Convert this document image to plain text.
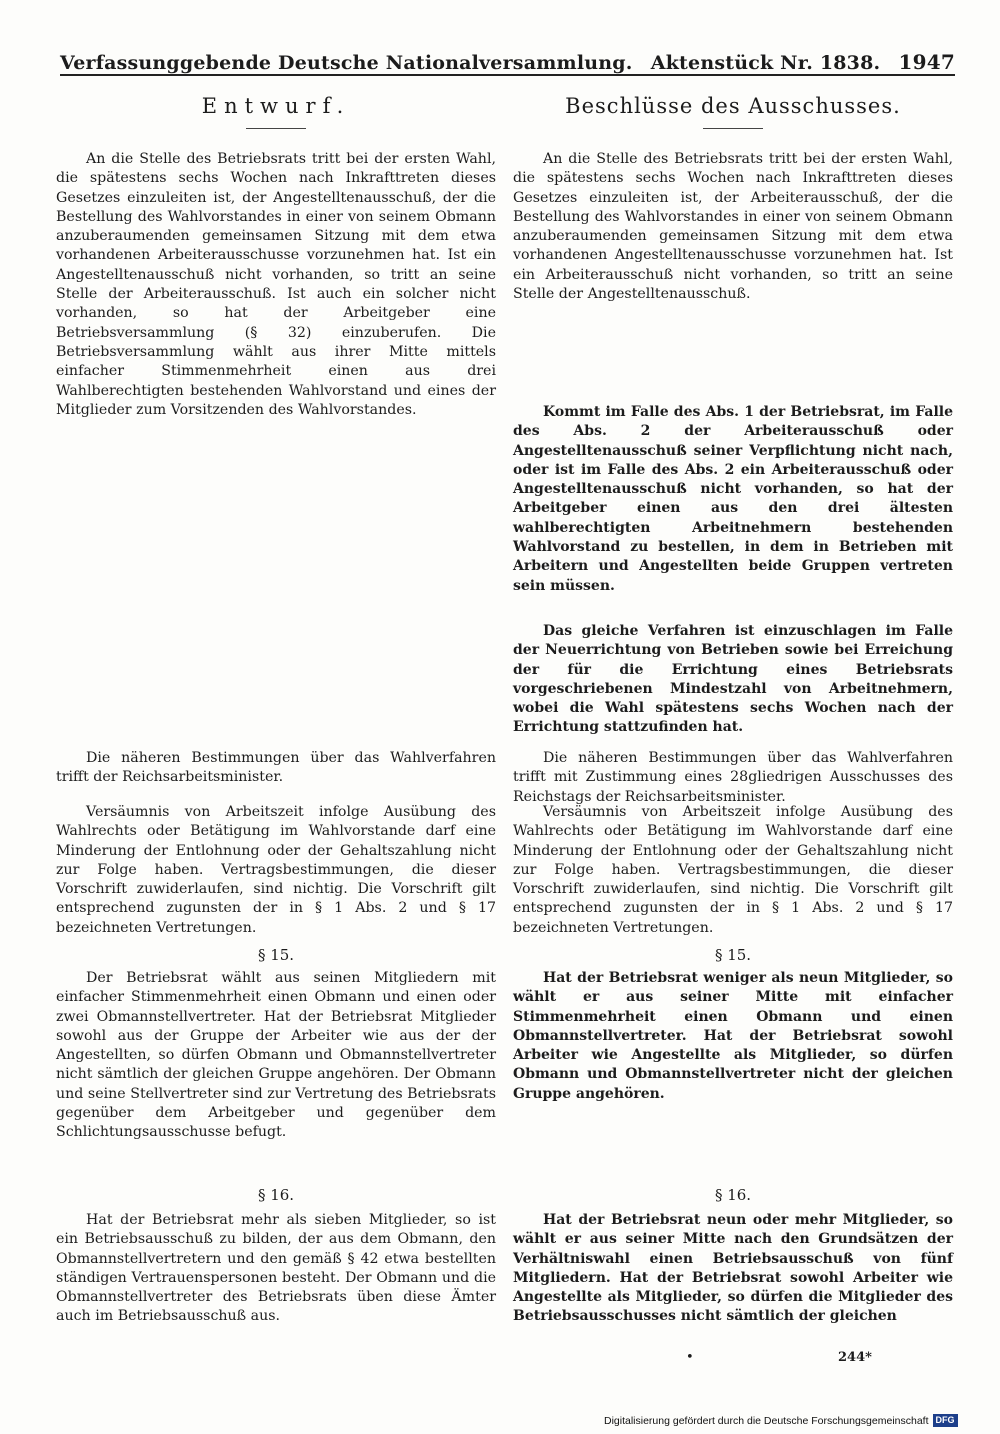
Verfassunggebende Deutsche Nationalversammlung. Aktenstück Nr. 1838. 1947
Entwurf.
An die Stelle des Betriebsrats tritt bei der ersten Wahl, die spätestens sechs Wochen nach Inkrafttreten dieses Gesetzes einzuleiten ist, der Angestelltenausschuß, der die Bestellung des Wahlvorstandes in einer von seinem Obmann anzuberaumenden gemeinsamen Sitzung mit dem etwa vorhandenen Arbeiterausschusse vorzunehmen hat. Ist ein Angestelltenausschuß nicht vorhanden, so tritt an seine Stelle der Arbeiterausschuß. Ist auch ein solcher nicht vorhanden, so hat der Arbeitgeber eine Betriebsversammlung (§ 32) einzuberufen. Die Betriebsversammlung wählt aus ihrer Mitte mittels einfacher Stimmenmehrheit einen aus drei Wahlberechtigten bestehenden Wahlvorstand und eines der Mitglieder zum Vorsitzenden des Wahlvorstandes.
Die näheren Bestimmungen über das Wahlverfahren trifft der Reichsarbeitsminister.
Versäumnis von Arbeitszeit infolge Ausübung des Wahlrechts oder Betätigung im Wahlvorstande darf eine Minderung der Entlohnung oder der Gehaltszahlung nicht zur Folge haben. Vertragsbestimmungen, die dieser Vorschrift zuwiderlaufen, sind nichtig. Die Vorschrift gilt entsprechend zugunsten der in § 1 Abs. 2 und § 17 bezeichneten Vertretungen.
§ 15.
Der Betriebsrat wählt aus seinen Mitgliedern mit einfacher Stimmenmehrheit einen Obmann und einen oder zwei Obmannstellvertreter. Hat der Betriebsrat Mitglieder sowohl aus der Gruppe der Arbeiter wie aus der der Angestellten, so dürfen Obmann und Obmannstellvertreter nicht sämtlich der gleichen Gruppe angehören. Der Obmann und seine Stellvertreter sind zur Vertretung des Betriebsrats gegenüber dem Arbeitgeber und gegenüber dem Schlichtungsausschusse befugt.
§ 16.
Hat der Betriebsrat mehr als sieben Mitglieder, so ist ein Betriebsausschuß zu bilden, der aus dem Obmann, den Obmannstellvertretern und den gemäß § 42 etwa bestellten ständigen Vertrauenspersonen besteht. Der Obmann und die Obmannstellvertreter des Betriebsrats üben diese Ämter auch im Betriebsausschuß aus.
Beschlüsse des Ausschusses.
An die Stelle des Betriebsrats tritt bei der ersten Wahl, die spätestens sechs Wochen nach Inkrafttreten dieses Gesetzes einzuleiten ist, der Arbeiterausschuß, der die Bestellung des Wahlvorstandes in einer von seinem Obmann anzuberaumenden gemeinsamen Sitzung mit dem etwa vorhandenen Angestelltenausschusse vorzunehmen hat. Ist ein Arbeiterausschuß nicht vorhanden, so tritt an seine Stelle der Angestelltenausschuß.
Kommt im Falle des Abs. 1 der Betriebsrat, im Falle des Abs. 2 der Arbeiterausschuß oder Angestelltenausschuß seiner Verpflichtung nicht nach, oder ist im Falle des Abs. 2 ein Arbeiterausschuß oder Angestelltenausschuß nicht vorhanden, so hat der Arbeitgeber einen aus den drei ältesten wahlberechtigten Arbeitnehmern bestehenden Wahlvorstand zu bestellen, in dem in Betrieben mit Arbeitern und Angestellten beide Gruppen vertreten sein müssen.
Das gleiche Verfahren ist einzuschlagen im Falle der Neuerrichtung von Betrieben sowie bei Erreichung der für die Errichtung eines Betriebsrats vorgeschriebenen Mindestzahl von Arbeitnehmern, wobei die Wahl spätestens sechs Wochen nach der Errichtung stattzufinden hat.
Die näheren Bestimmungen über das Wahlverfahren trifft mit Zustimmung eines 28gliedrigen Ausschusses des Reichstags der Reichsarbeitsminister.
Versäumnis von Arbeitszeit infolge Ausübung des Wahlrechts oder Betätigung im Wahlvorstande darf eine Minderung der Entlohnung oder der Gehaltszahlung nicht zur Folge haben. Vertragsbestimmungen, die dieser Vorschrift zuwiderlaufen, sind nichtig. Die Vorschrift gilt entsprechend zugunsten der in § 1 Abs. 2 und § 17 bezeichneten Vertretungen.
§ 15.
Hat der Betriebsrat weniger als neun Mitglieder, so wählt er aus seiner Mitte mit einfacher Stimmenmehrheit einen Obmann und einen Obmannstellvertreter. Hat der Betriebsrat sowohl Arbeiter wie Angestellte als Mitglieder, so dürfen Obmann und Obmannstellvertreter nicht der gleichen Gruppe angehören.
§ 16.
Hat der Betriebsrat neun oder mehr Mitglieder, so wählt er aus seiner Mitte nach den Grundsätzen der Verhältniswahl einen Betriebsausschuß von fünf Mitgliedern. Hat der Betriebsrat sowohl Arbeiter wie Angestellte als Mitglieder, so dürfen die Mitglieder des Betriebsausschusses nicht sämtlich der gleichen
•	244*
Digitalisierung gefördert durch die Deutsche Forschungsgemeinschaft DFG
